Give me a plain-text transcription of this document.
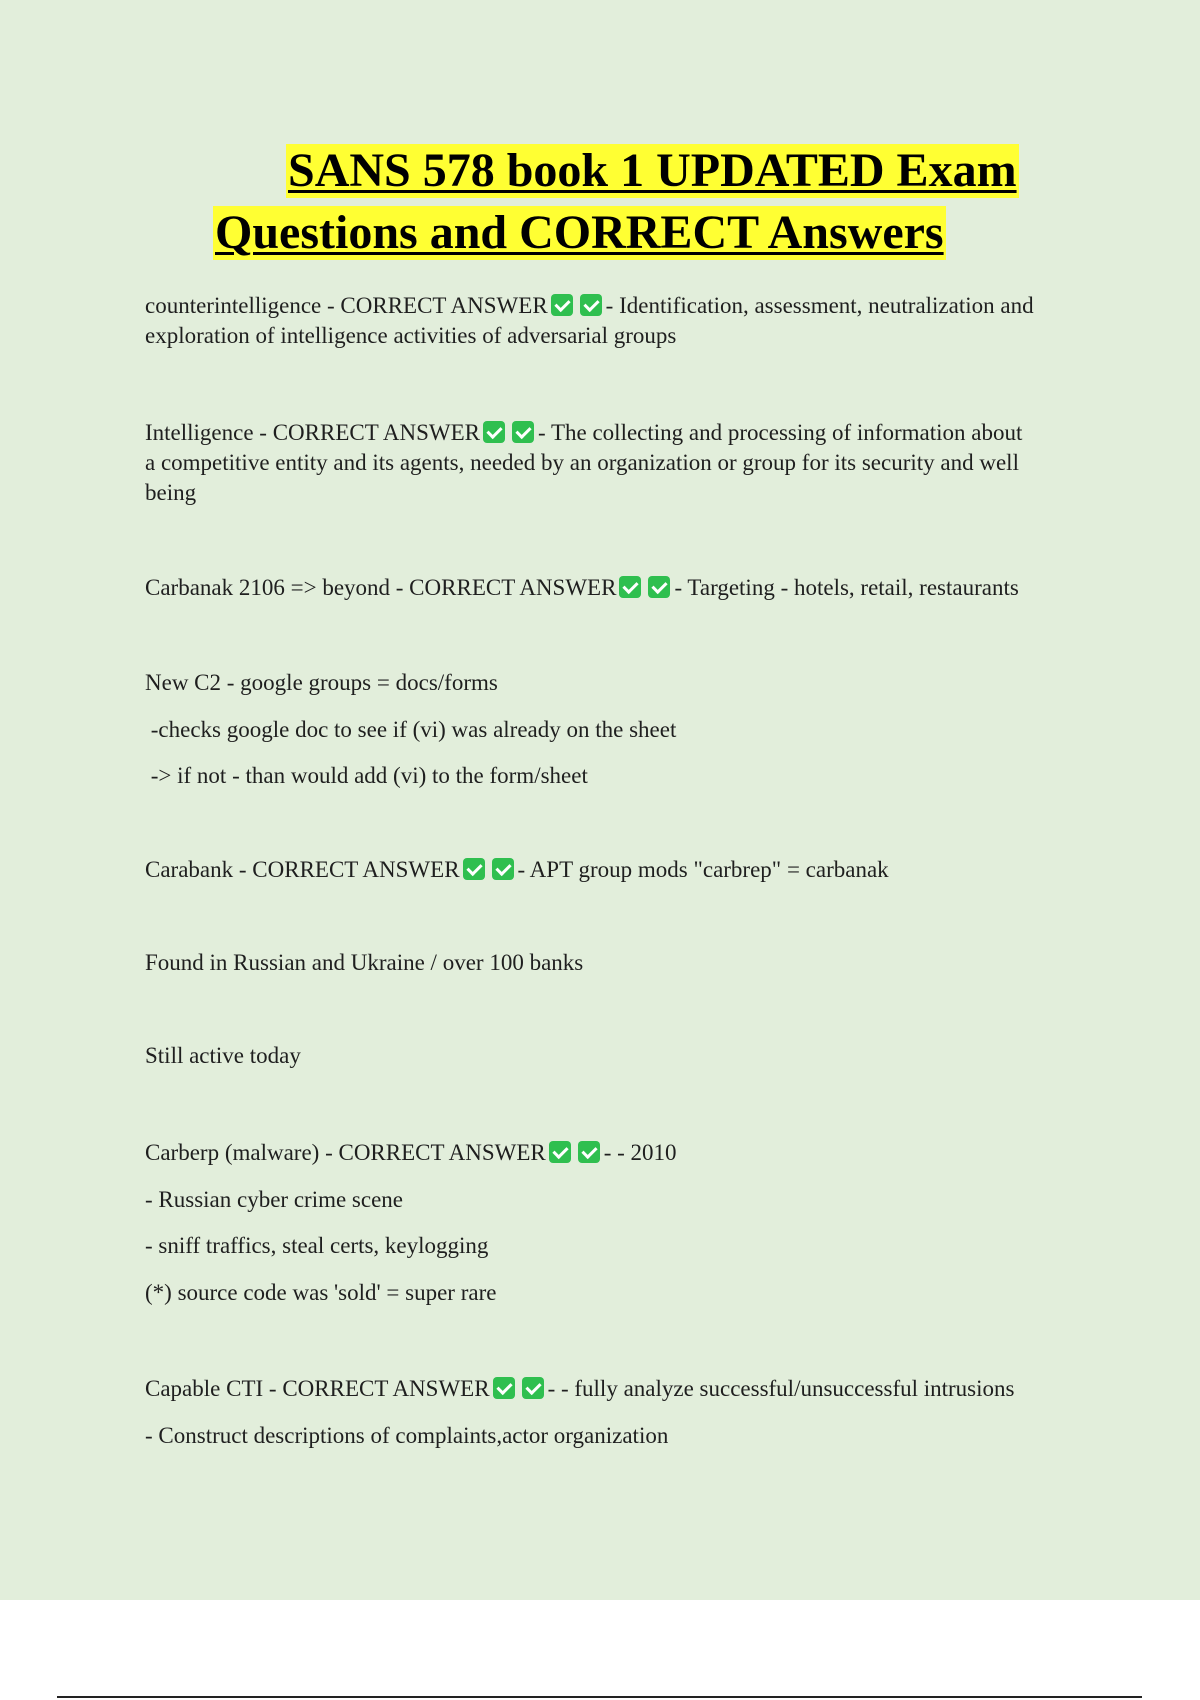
SANS 578 book 1 UPDATED Exam
Questions and CORRECT Answers
counterintelligence - CORRECT ANSWER	- Identification, assessment, neutralization and
exploration of intelligence activities of adversarial groups
Intelligence - CORRECT ANSWER	- The collecting and processing of information about
a competitive entity and its agents, needed by an organization or group for its security and well
being
Carbanak 2106 => beyond - CORRECT ANSWER	- Targeting - hotels, retail, restaurants
New C2 - google groups = docs/forms
-checks google doc to see if (vi) was already on the sheet
-> if not - than would add (vi) to the form/sheet
Carabank - CORRECT ANSWER	- APT group mods "carbrep" = carbanak
Found in Russian and Ukraine / over 100 banks
Still active today
Carberp (malware) - CORRECT ANSWER	- - 2010
- Russian cyber crime scene
- sniff traffics, steal certs, keylogging
(*) source code was 'sold' = super rare
Capable CTI - CORRECT ANSWER	- - fully analyze successful/unsuccessful intrusions
- Construct descriptions of complaints,actor organization
